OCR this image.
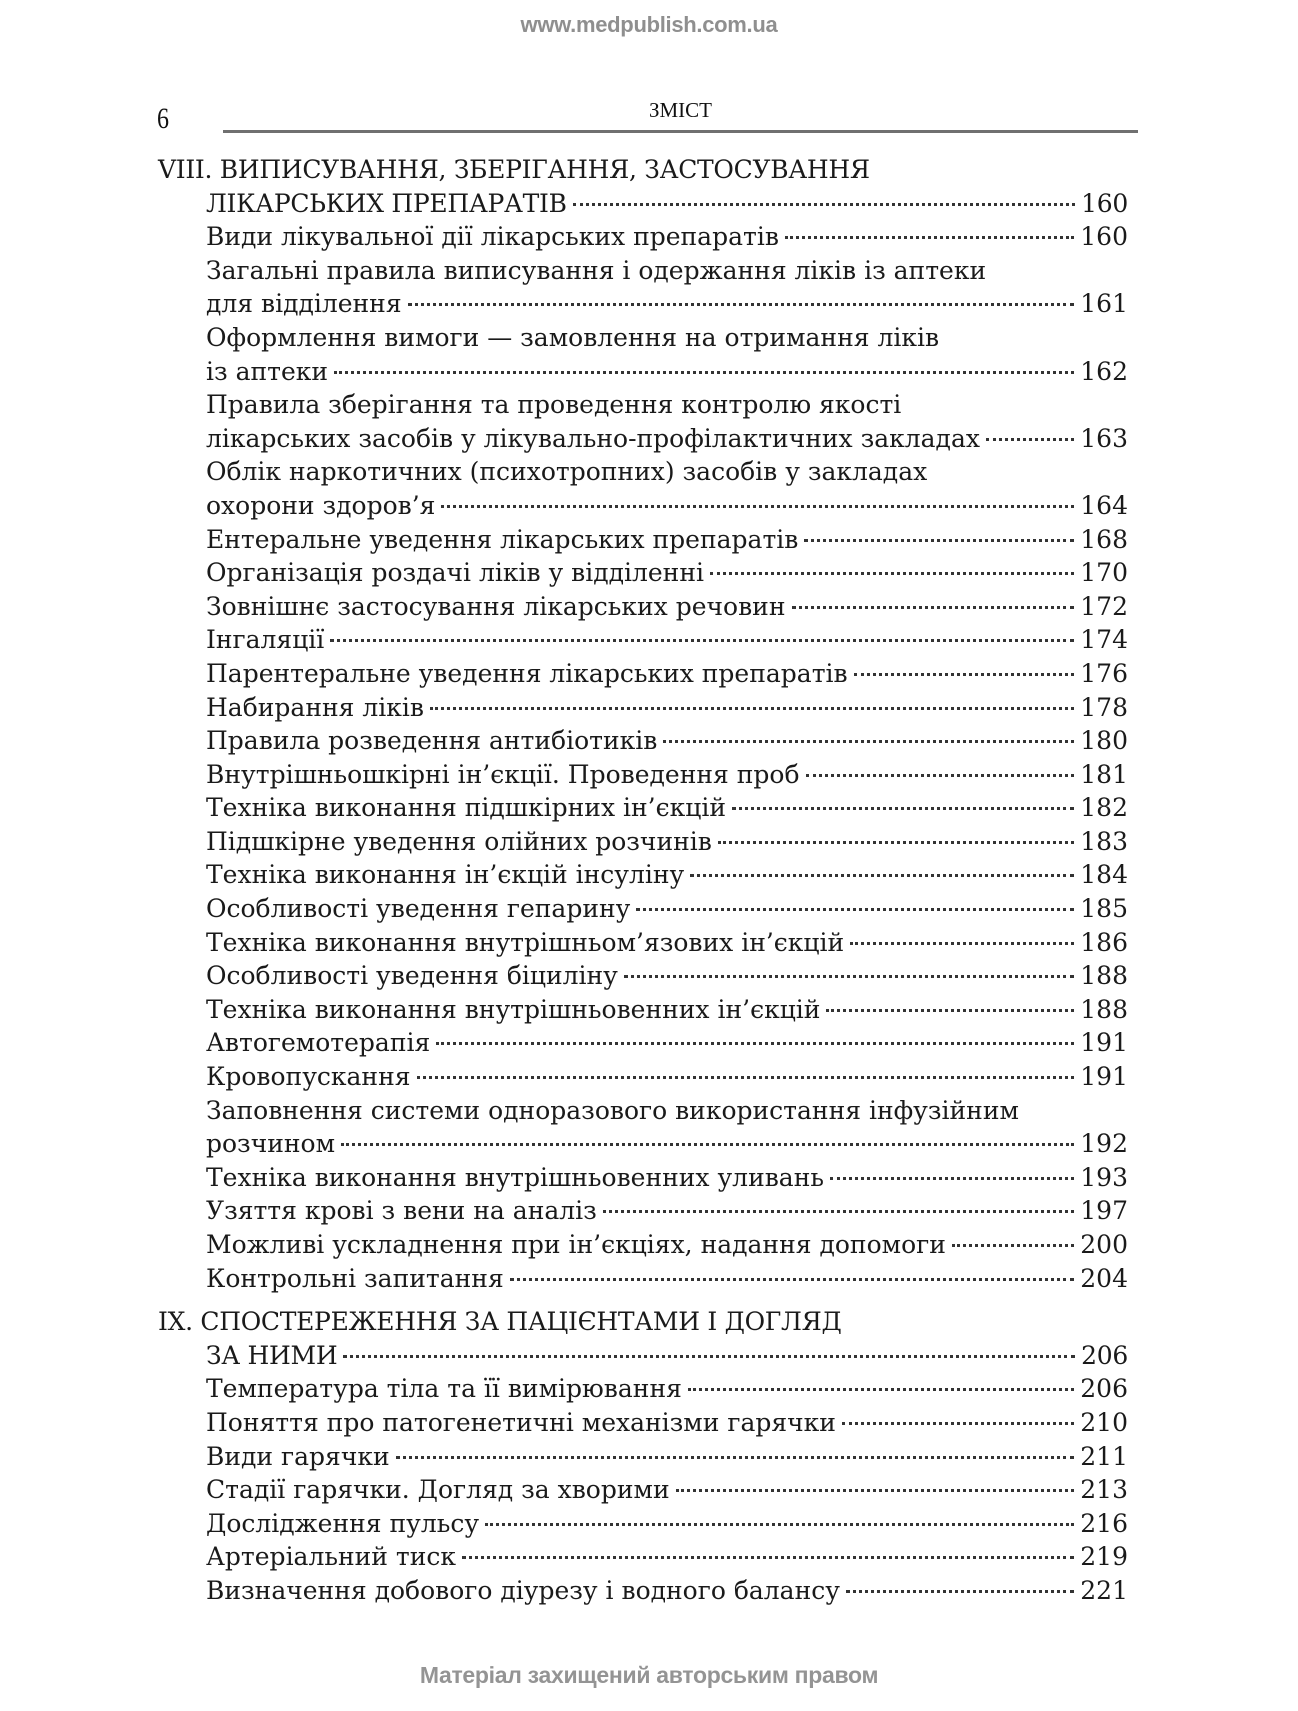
www.medpublish.com.ua
6	ЗМІСТ
VIII. ВИПИСУВАННЯ, ЗБЕРІГАННЯ, ЗАСТОСУВАННЯ
ЛІКАРСЬКИХ ПРЕПАРАТІВ	160
Види лікувальної дії лікарських препаратів	160
Загальні правила виписування і одержання ліків із аптеки
для відділення	161
Оформлення вимоги — замовлення на отримання ліків
із аптеки	162
Правила зберігання та проведення контролю якості
лікарських засобів у лікувально-профілактичних закладах	163
Облік наркотичних (психотропних) засобів у закладах
охорони здоров’я	164
Ентеральне уведення лікарських препаратів	168
Організація роздачі ліків у відділенні	170
Зовнішнє застосування лікарських речовин	172
Інгаляції	174
Парентеральне уведення лікарських препаратів	176
Набирання ліків	178
Правила розведення антибіотиків	180
Внутрішньошкірні ін’єкції. Проведення проб	181
Техніка виконання підшкірних ін’єкцій	182
Підшкірне уведення олійних розчинів	183
Техніка виконання ін’єкцій інсуліну	184
Особливості уведення гепарину	185
Техніка виконання внутрішньом’язових ін’єкцій	186
Особливості уведення біциліну	188
Техніка виконання внутрішньовенних ін’єкцій	188
Автогемотерапія	191
Кровопускання	191
Заповнення системи одноразового використання інфузійним
розчином	192
Техніка виконання внутрішньовенних уливань	193
Узяття крові з вени на аналіз	197
Можливі ускладнення при ін’єкціях, надання допомоги	200
Контрольні запитання	204
IX. СПОСТЕРЕЖЕННЯ ЗА ПАЦІЄНТАМИ І ДОГЛЯД
ЗА НИМИ	206
Температура тіла та її вимірювання	206
Поняття про патогенетичні механізми гарячки	210
Види гарячки	211
Стадії гарячки. Догляд за хворими	213
Дослідження пульсу	216
Артеріальний тиск	219
Визначення добового діурезу і водного балансу	221
Матеріал захищений авторським правом
